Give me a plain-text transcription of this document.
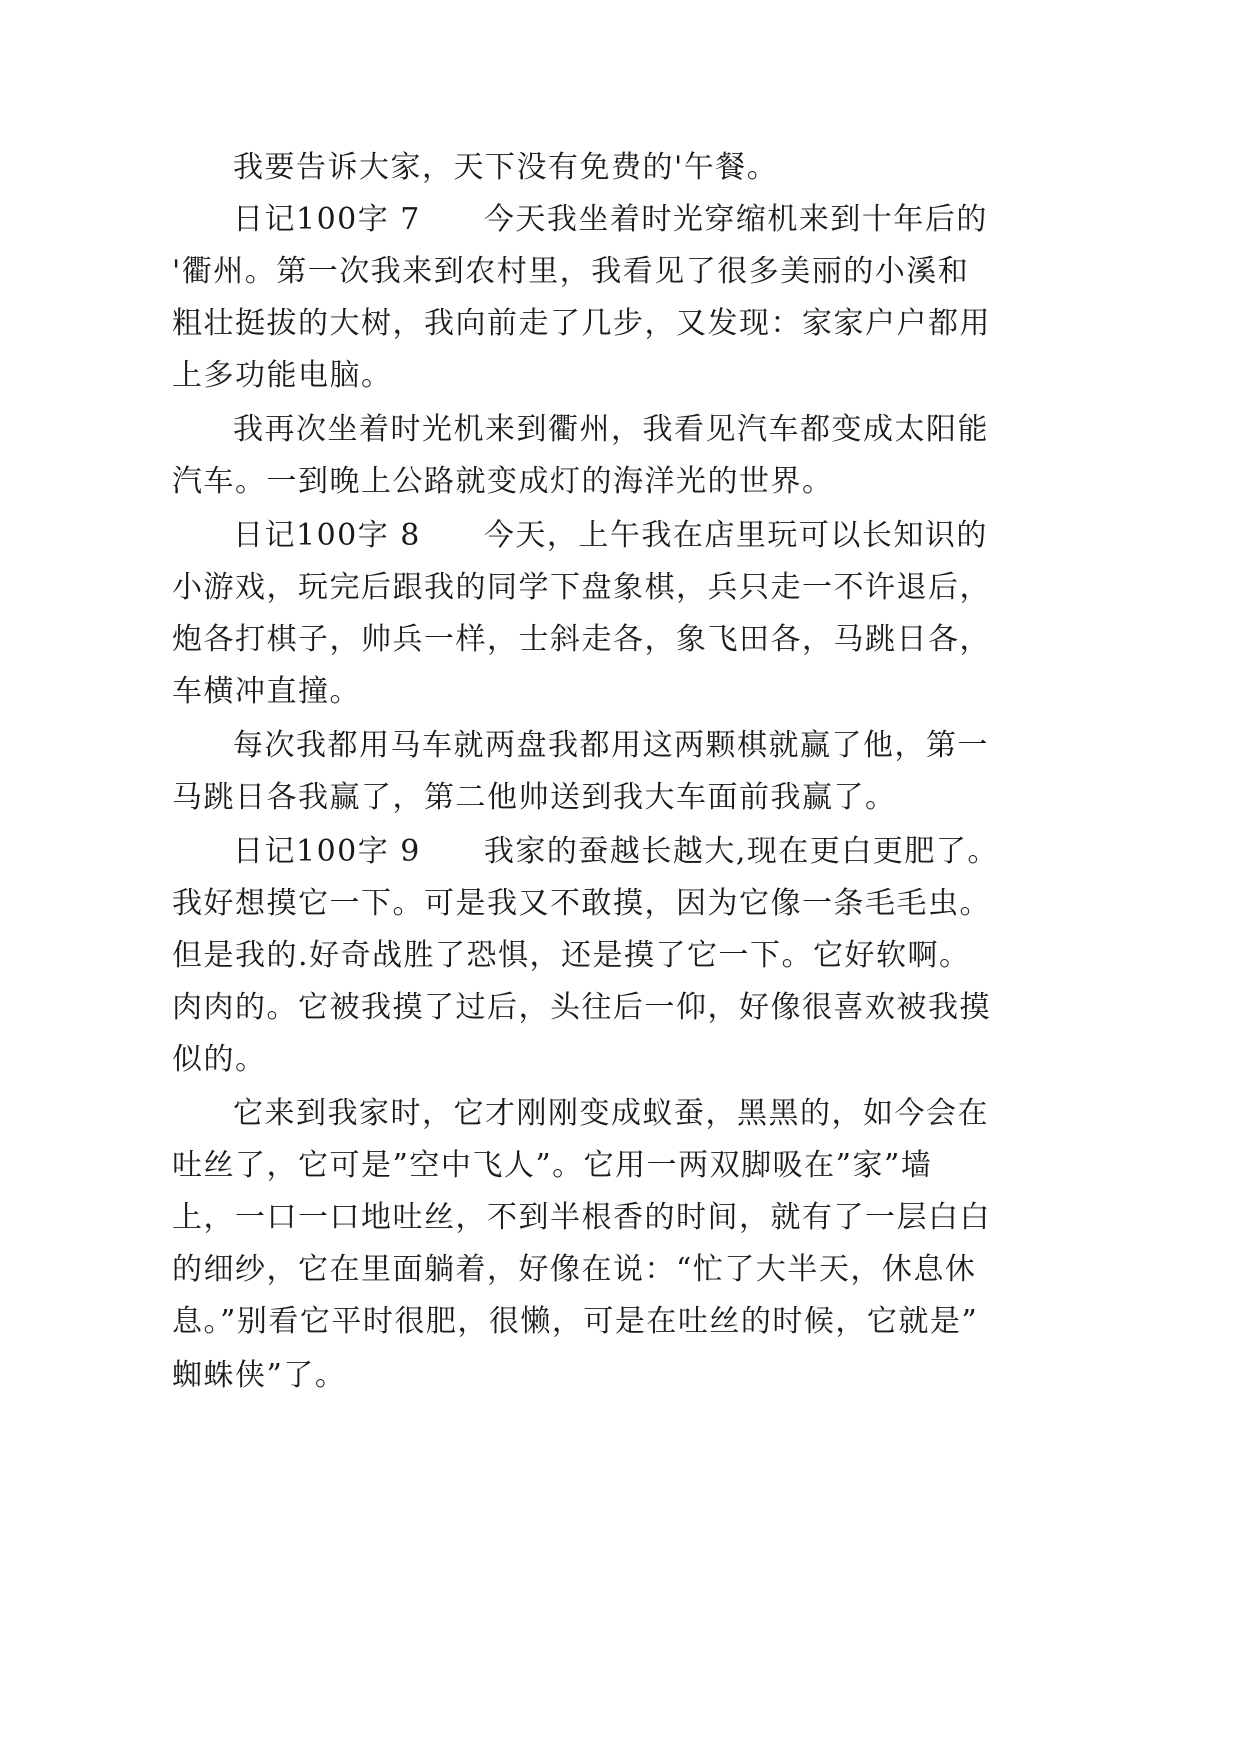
我要告诉大家，天下没有免费的'午餐。

日记100字 7　　今天我坐着时光穿缩机来到十年后的

'衢州。第一次我来到农村里，我看见了很多美丽的小溪和

粗壮挺拔的大树，我向前走了几步，又发现：家家户户都用

上多功能电脑。

我再次坐着时光机来到衢州，我看见汽车都变成太阳能

汽车。一到晚上公路就变成灯的海洋光的世界。

日记100字 8　　今天，上午我在店里玩可以长知识的

小游戏，玩完后跟我的同学下盘象棋，兵只走一不许退后，

炮各打棋子，帅兵一样，士斜走各，象飞田各，马跳日各，

车横冲直撞。

每次我都用马车就两盘我都用这两颗棋就赢了他，第一

马跳日各我赢了，第二他帅送到我大车面前我赢了。

日记100字 9　　我家的蚕越长越大,现在更白更肥了。

我好想摸它一下。可是我又不敢摸，因为它像一条毛毛虫。

但是我的.好奇战胜了恐惧，还是摸了它一下。它好软啊。

肉肉的。它被我摸了过后，头往后一仰，好像很喜欢被我摸

似的。

它来到我家时，它才刚刚变成蚁蚕，黑黑的，如今会在

吐丝了，它可是”空中飞人”。它用一两双脚吸在”家”墙

上，一口一口地吐丝，不到半根香的时间，就有了一层白白

的细纱，它在里面躺着，好像在说：“忙了大半天，休息休

息。”别看它平时很肥，很懒，可是在吐丝的时候，它就是”

蜘蛛侠”了。
